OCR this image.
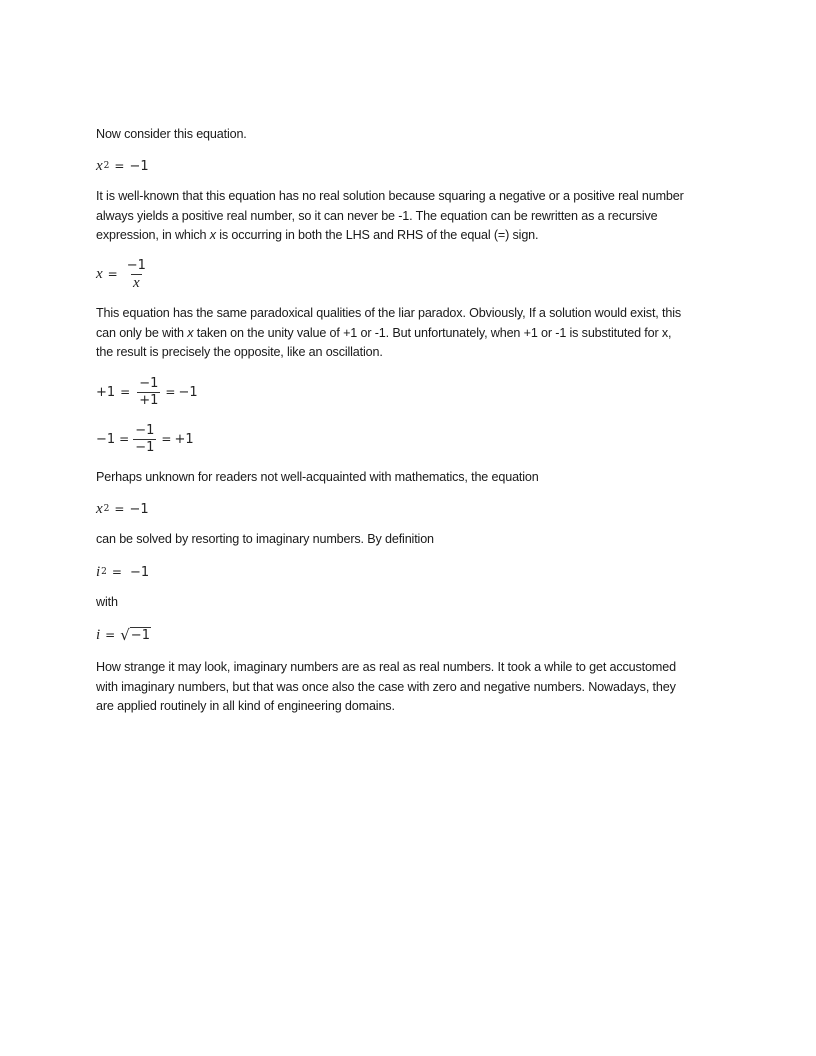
Now consider this equation.
x 2 = −1
It is well-known that this equation has no real solution because squaring a negative or a positive real number
always yields a positive real number, so it can never be -1. The equation can be rewritten as a recursive
expression, in which x is occurring in both the LHS and RHS of the equal (=) sign.
$x = \frac{-1}{x}$
This equation has the same paradoxical qualities of the liar paradox. Obviously, If a solution would exist, this
can only be with x taken on the unity value of +1 or -1. But unfortunately, when +1 or -1 is substituted for x,
the result is precisely the opposite, like an oscillation.
$+1 = \frac{-1}{+1} = -1$
$-1 = \frac{-1}{-1} = +1$
Perhaps unknown for readers not well-acquainted with mathematics, the equation
x 2 = −1
can be solved by resorting to imaginary numbers. By definition
i 2 = −1
with
i = √ −1
How strange it may look, imaginary numbers are as real as real numbers. It took a while to get accustomed
with imaginary numbers, but that was once also the case with zero and negative numbers. Nowadays, they
are applied routinely in all kind of engineering domains.
